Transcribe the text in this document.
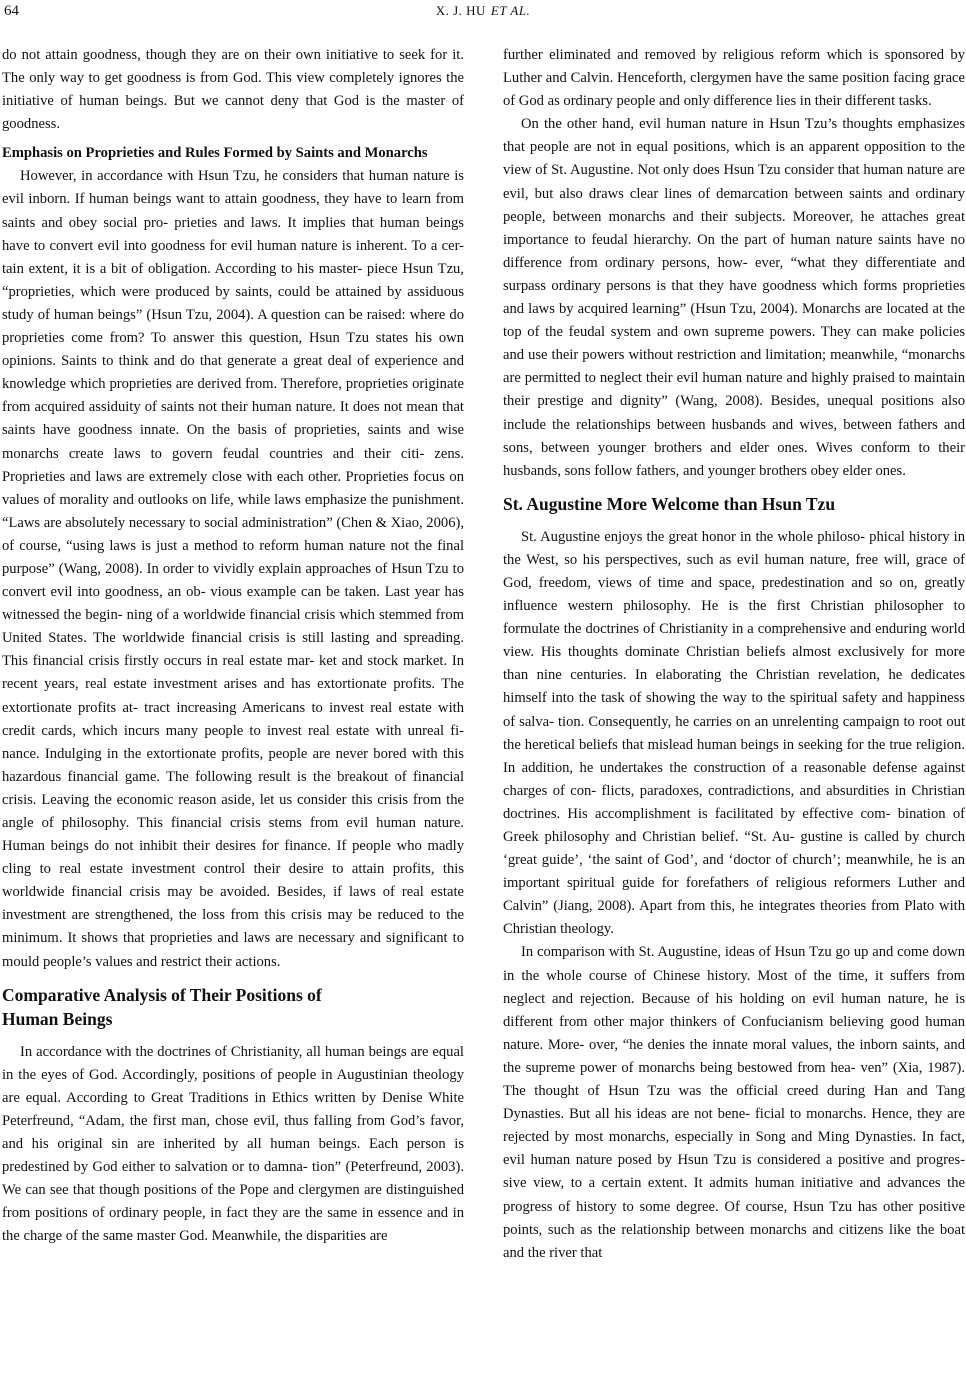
64	X. J. HU ET AL.

do not attain goodness, though they are on their own initiative to seek for it. The only way to get goodness is from God. This view completely ignores the initiative of human beings. But we cannot deny that God is the master of goodness.

Emphasis on Proprieties and Rules Formed by Saints and Monarchs

However, in accordance with Hsun Tzu, he considers that human nature is evil inborn. If human beings want to attain goodness, they have to learn from saints and obey social pro- prieties and laws. It implies that human beings have to convert evil into goodness for evil human nature is inherent. To a cer- tain extent, it is a bit of obligation. According to his master- piece Hsun Tzu, “proprieties, which were produced by saints, could be attained by assiduous study of human beings” (Hsun Tzu, 2004). A question can be raised: where do proprieties come from? To answer this question, Hsun Tzu states his own opinions. Saints to think and do that generate a great deal of experience and knowledge which proprieties are derived from. Therefore, proprieties originate from acquired assiduity of saints not their human nature. It does not mean that saints have goodness innate. On the basis of proprieties, saints and wise monarchs create laws to govern feudal countries and their citi- zens. Proprieties and laws are extremely close with each other. Proprieties focus on values of morality and outlooks on life, while laws emphasize the punishment. “Laws are absolutely necessary to social administration” (Chen & Xiao, 2006), of course, “using laws is just a method to reform human nature not the final purpose” (Wang, 2008). In order to vividly explain approaches of Hsun Tzu to convert evil into goodness, an ob- vious example can be taken. Last year has witnessed the begin- ning of a worldwide financial crisis which stemmed from United States. The worldwide financial crisis is still lasting and spreading. This financial crisis firstly occurs in real estate mar- ket and stock market. In recent years, real estate investment arises and has extortionate profits. The extortionate profits at- tract increasing Americans to invest real estate with credit cards, which incurs many people to invest real estate with unreal fi- nance. Indulging in the extortionate profits, people are never bored with this hazardous financial game. The following result is the breakout of financial crisis. Leaving the economic reason aside, let us consider this crisis from the angle of philosophy. This financial crisis stems from evil human nature. Human beings do not inhibit their desires for finance. If people who madly cling to real estate investment control their desire to attain profits, this worldwide financial crisis may be avoided. Besides, if laws of real estate investment are strengthened, the loss from this crisis may be reduced to the minimum. It shows that proprieties and laws are necessary and significant to mould people’s values and restrict their actions.

Comparative Analysis of Their Positions of
Human Beings

In accordance with the doctrines of Christianity, all human beings are equal in the eyes of God. Accordingly, positions of people in Augustinian theology are equal. According to Great Traditions in Ethics written by Denise White Peterfreund, “Adam, the first man, chose evil, thus falling from God’s favor, and his original sin are inherited by all human beings. Each person is predestined by God either to salvation or to damna- tion” (Peterfreund, 2003). We can see that though positions of the Pope and clergymen are distinguished from positions of ordinary people, in fact they are the same in essence and in the charge of the same master God. Meanwhile, the disparities are

further eliminated and removed by religious reform which is sponsored by Luther and Calvin. Henceforth, clergymen have the same position facing grace of God as ordinary people and only difference lies in their different tasks.

On the other hand, evil human nature in Hsun Tzu’s thoughts emphasizes that people are not in equal positions, which is an apparent opposition to the view of St. Augustine. Not only does Hsun Tzu consider that human nature are evil, but also draws clear lines of demarcation between saints and ordinary people, between monarchs and their subjects. Moreover, he attaches great importance to feudal hierarchy. On the part of human nature saints have no difference from ordinary persons, how- ever, “what they differentiate and surpass ordinary persons is that they have goodness which forms proprieties and laws by acquired learning” (Hsun Tzu, 2004). Monarchs are located at the top of the feudal system and own supreme powers. They can make policies and use their powers without restriction and limitation; meanwhile, “monarchs are permitted to neglect their evil human nature and highly praised to maintain their prestige and dignity” (Wang, 2008). Besides, unequal positions also include the relationships between husbands and wives, between fathers and sons, between younger brothers and elder ones. Wives conform to their husbands, sons follow fathers, and younger brothers obey elder ones.

St. Augustine More Welcome than Hsun Tzu

St. Augustine enjoys the great honor in the whole philoso- phical history in the West, so his perspectives, such as evil human nature, free will, grace of God, freedom, views of time and space, predestination and so on, greatly influence western philosophy. He is the first Christian philosopher to formulate the doctrines of Christianity in a comprehensive and enduring world view. His thoughts dominate Christian beliefs almost exclusively for more than nine centuries. In elaborating the Christian revelation, he dedicates himself into the task of showing the way to the spiritual safety and happiness of salva- tion. Consequently, he carries on an unrelenting campaign to root out the heretical beliefs that mislead human beings in seeking for the true religion. In addition, he undertakes the construction of a reasonable defense against charges of con- flicts, paradoxes, contradictions, and absurdities in Christian doctrines. His accomplishment is facilitated by effective com- bination of Greek philosophy and Christian belief. “St. Au- gustine is called by church ‘great guide’, ‘the saint of God’, and ‘doctor of church’; meanwhile, he is an important spiritual guide for forefathers of religious reformers Luther and Calvin” (Jiang, 2008). Apart from this, he integrates theories from Plato with Christian theology.

In comparison with St. Augustine, ideas of Hsun Tzu go up and come down in the whole course of Chinese history. Most of the time, it suffers from neglect and rejection. Because of his holding on evil human nature, he is different from other major thinkers of Confucianism believing good human nature. More- over, “he denies the innate moral values, the inborn saints, and the supreme power of monarchs being bestowed from hea- ven” (Xia, 1987). The thought of Hsun Tzu was the official creed during Han and Tang Dynasties. But all his ideas are not bene- ficial to monarchs. Hence, they are rejected by most monarchs, especially in Song and Ming Dynasties. In fact, evil human nature posed by Hsun Tzu is considered a positive and progres- sive view, to a certain extent. It admits human initiative and advances the progress of history to some degree. Of course, Hsun Tzu has other positive points, such as the relationship between monarchs and citizens like the boat and the river that
